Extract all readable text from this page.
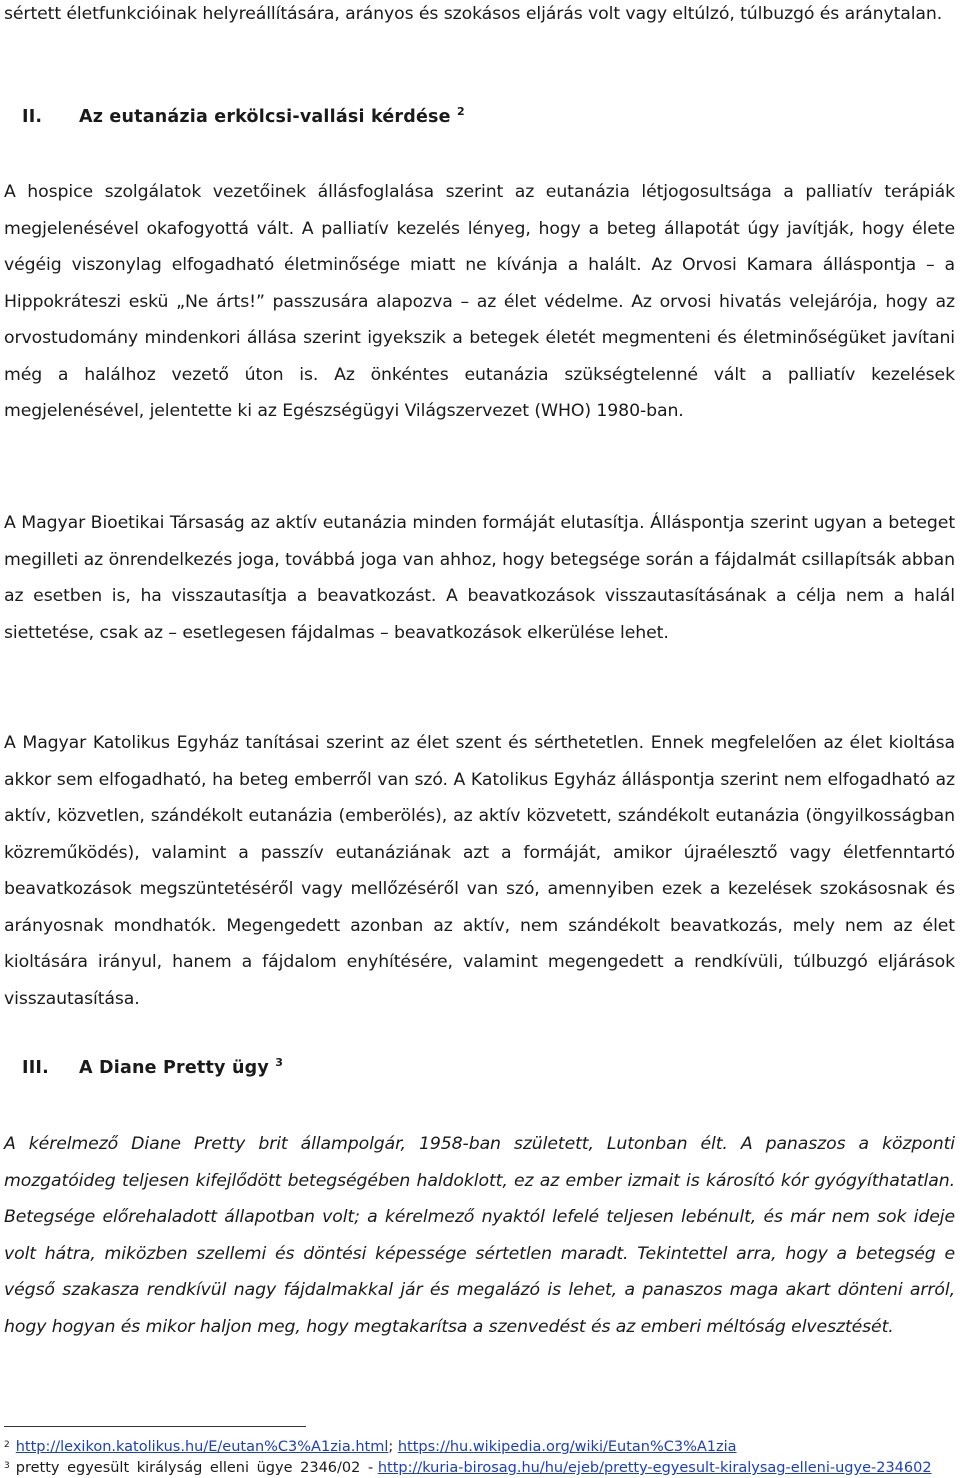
sértett életfunkcióinak helyreállítására, arányos és szokásos eljárás volt vagy eltúlzó, túlbuzgó és aránytalan.

II. Az eutanázia erkölcsi-vallási kérdése $^2$

A hospice szolgálatok vezetőinek állásfoglalása szerint az eutanázia létjogosultsága a palliatív terápiák megjelenésével okafogyottá vált. A palliatív kezelés lényeg, hogy a beteg állapotát úgy javítják, hogy élete végéig viszonylag elfogadható életminősége miatt ne kívánja a halált. Az Orvosi Kamara álláspontja – a Hippokráteszi eskü „Ne árts!” passzusára alapozva – az élet védelme. Az orvosi hivatás velejárója, hogy az orvostudomány mindenkori állása szerint igyekszik a betegek életét megmenteni és életminőségüket javítani még a halálhoz vezető úton is. Az önkéntes eutanázia szükségtelenné vált a palliatív kezelések megjelenésével, jelentette ki az Egészségügyi Világszervezet (WHO) 1980-ban.

A Magyar Bioetikai Társaság az aktív eutanázia minden formáját elutasítja. Álláspontja szerint ugyan a beteget megilleti az önrendelkezés joga, továbbá joga van ahhoz, hogy betegsége során a fájdalmát csillapítsák abban az esetben is, ha visszautasítja a beavatkozást. A beavatkozások visszautasításának a célja nem a halál siettetése, csak az – esetlegesen fájdalmas – beavatkozások elkerülése lehet.

A Magyar Katolikus Egyház tanításai szerint az élet szent és sérthetetlen. Ennek megfelelően az élet kioltása akkor sem elfogadható, ha beteg emberről van szó. A Katolikus Egyház álláspontja szerint nem elfogadható az aktív, közvetlen, szándékolt eutanázia (emberölés), az aktív közvetett, szándékolt eutanázia (öngyilkosságban közreműködés), valamint a passzív eutanáziának azt a formáját, amikor újraélesztő vagy életfenntartó beavatkozások megszüntetéséről vagy mellőzéséről van szó, amennyiben ezek a kezelések szokásosnak és arányosnak mondhatók. Megengedett azonban az aktív, nem szándékolt beavatkozás, mely nem az élet kioltására irányul, hanem a fájdalom enyhítésére, valamint megengedett a rendkívüli, túlbuzgó eljárások visszautasítása.

III. A Diane Pretty ügy $^3$

A kérelmező Diane Pretty brit állampolgár, 1958-ban született, Lutonban élt. A panaszos a központi mozgatóideg teljesen kifejlődött betegségében haldoklott, ez az ember izmait is károsító kór gyógyíthatatlan. Betegsége előrehaladott állapotban volt; a kérelmező nyaktól lefelé teljesen lebénult, és már nem sok ideje volt hátra, miközben szellemi és döntési képessége sértetlen maradt. Tekintettel arra, hogy a betegség e végső szakasza rendkívül nagy fájdalmakkal jár és megalázó is lehet, a panaszos maga akart dönteni arról, hogy hogyan és mikor haljon meg, hogy megtakarítsa a szenvedést és az emberi méltóság elvesztését.

$^2$ http://lexikon.katolikus.hu/E/eutan%C3%A1zia.html; https://hu.wikipedia.org/wiki/Eutan%C3%A1zia
$^3$ pretty egyesült királyság elleni ügye 2346/02 - http://kuria-birosag.hu/hu/ejeb/pretty-egyesult-kiralysag-elleni-ugye-234602
